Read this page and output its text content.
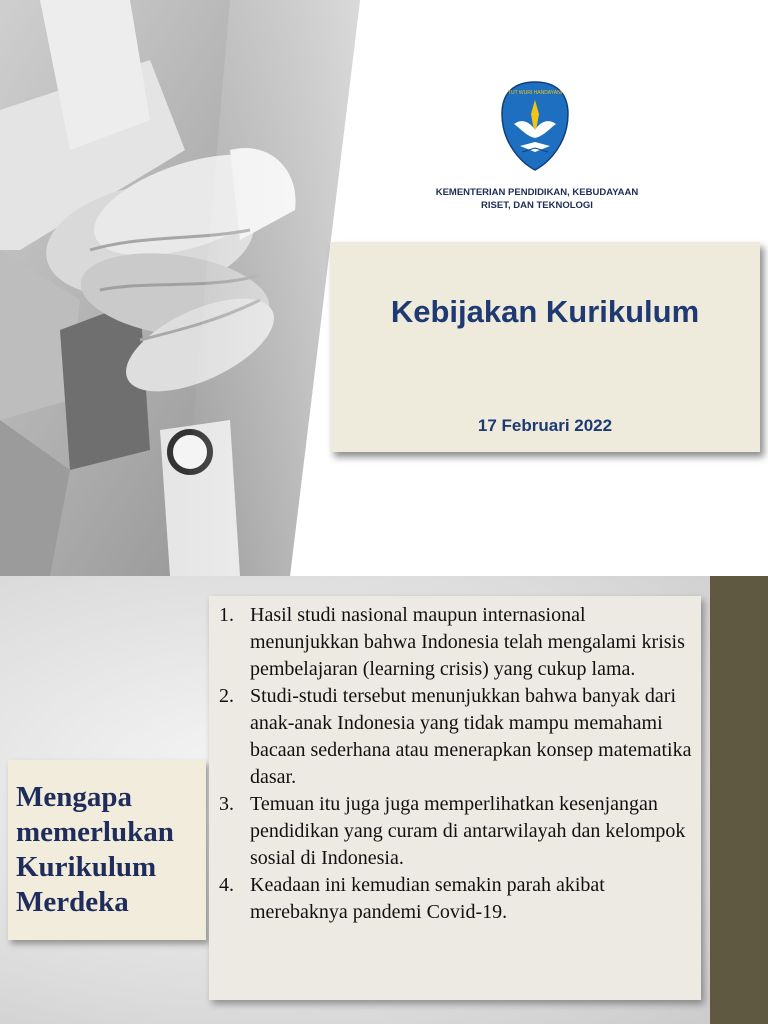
TUT WURI HANDAYANI
KEMENTERIAN PENDIDIKAN, KEBUDAYAAN
RISET, DAN TEKNOLOGI
Kebijakan Kurikulum
17 Februari 2022
Mengapa
memerlukan
Kurikulum
Merdeka
1. Hasil studi nasional maupun internasional menunjukkan bahwa Indonesia telah mengalami krisis pembelajaran (learning crisis) yang cukup lama.
2. Studi-studi tersebut menunjukkan bahwa banyak dari anak-anak Indonesia yang tidak mampu memahami bacaan sederhana atau menerapkan konsep matematika dasar.
3. Temuan itu juga juga memperlihatkan kesenjangan pendidikan yang curam di antarwilayah dan kelompok sosial di Indonesia.
4. Keadaan ini kemudian semakin parah akibat merebaknya pandemi Covid-19.
